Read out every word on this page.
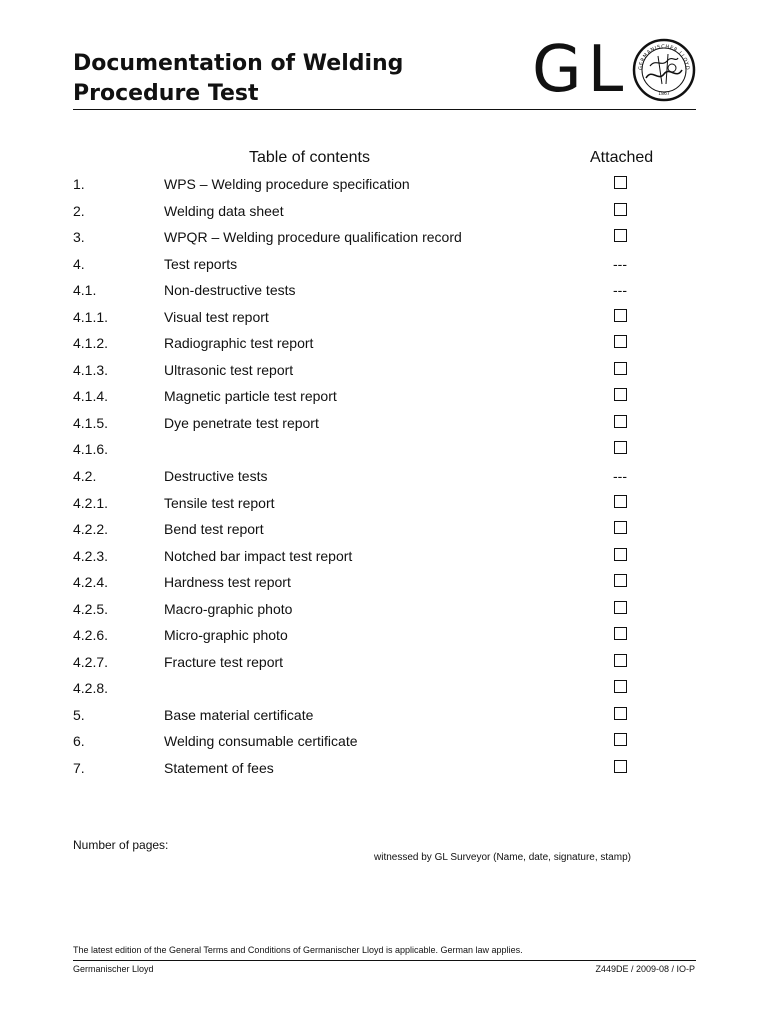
Documentation of Welding
Procedure Test	GL GERMANISCHER LLOYD
1867
Table of contents	Attached
1.	WPS – Welding procedure specification
2.	Welding data sheet
3.	WPQR – Welding procedure qualification record
4.	Test reports	---
4.1.	Non-destructive tests	---
4.1.1.	Visual test report
4.1.2.	Radiographic test report
4.1.3.	Ultrasonic test report
4.1.4.	Magnetic particle test report
4.1.5.	Dye penetrate test report
4.1.6.
4.2.	Destructive tests	---
4.2.1.	Tensile test report
4.2.2.	Bend test report
4.2.3.	Notched bar impact test report
4.2.4.	Hardness test report
4.2.5.	Macro-graphic photo
4.2.6.	Micro-graphic photo
4.2.7.	Fracture test report
4.2.8.
5.	Base material certificate
6.	Welding consumable certificate
7.	Statement of fees
Number of pages:
witnessed by GL Surveyor (Name, date, signature, stamp)
The latest edition of the General Terms and Conditions of Germanischer Lloyd is applicable. German law applies.
Germanischer Lloyd	Z449DE / 2009-08 / IO-P
